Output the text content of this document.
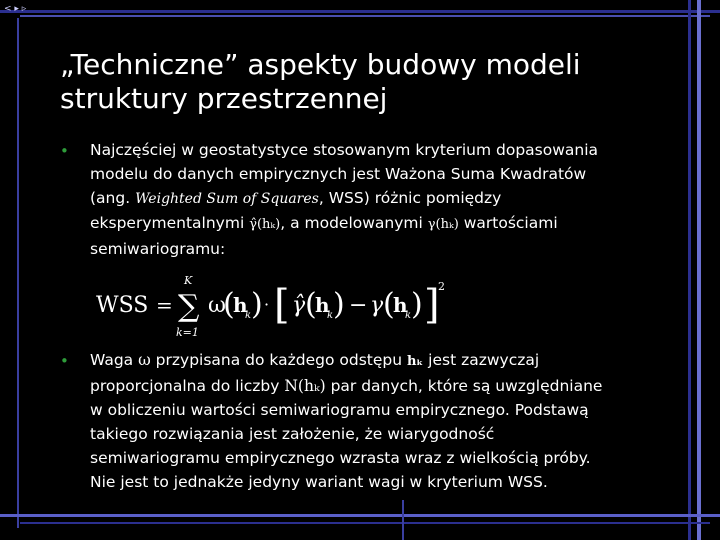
< ▸ ▹
„Techniczne” aspekty budowy modeli struktury przestrzennej
• Najczęściej w geostatystyce stosowanym kryterium dopasowania
modelu do danych empirycznych jest Ważona Suma Kwadratów
(ang. Weighted Sum of Squares, WSS) różnic pomiędzy
eksperymentalnymi γ̂(hₖ), a modelowanymi γ(hₖ) wartościami
semiwariogramu:
WSS =
K
∑
k=1
ω
(
h
k ) · [ γ̂ (
h
k ) − γ (
h
k ) ]
2
• Waga ω przypisana do każdego odstępu hₖ jest zazwyczaj
proporcjonalna do liczby N(hₖ) par danych, które są uwzględniane
w obliczeniu wartości semiwariogramu empirycznego. Podstawą
takiego rozwiązania jest założenie, że wiarygodność
semiwariogramu empirycznego wzrasta wraz z wielkością próby.
Nie jest to jednakże jedyny wariant wagi w kryterium WSS.
